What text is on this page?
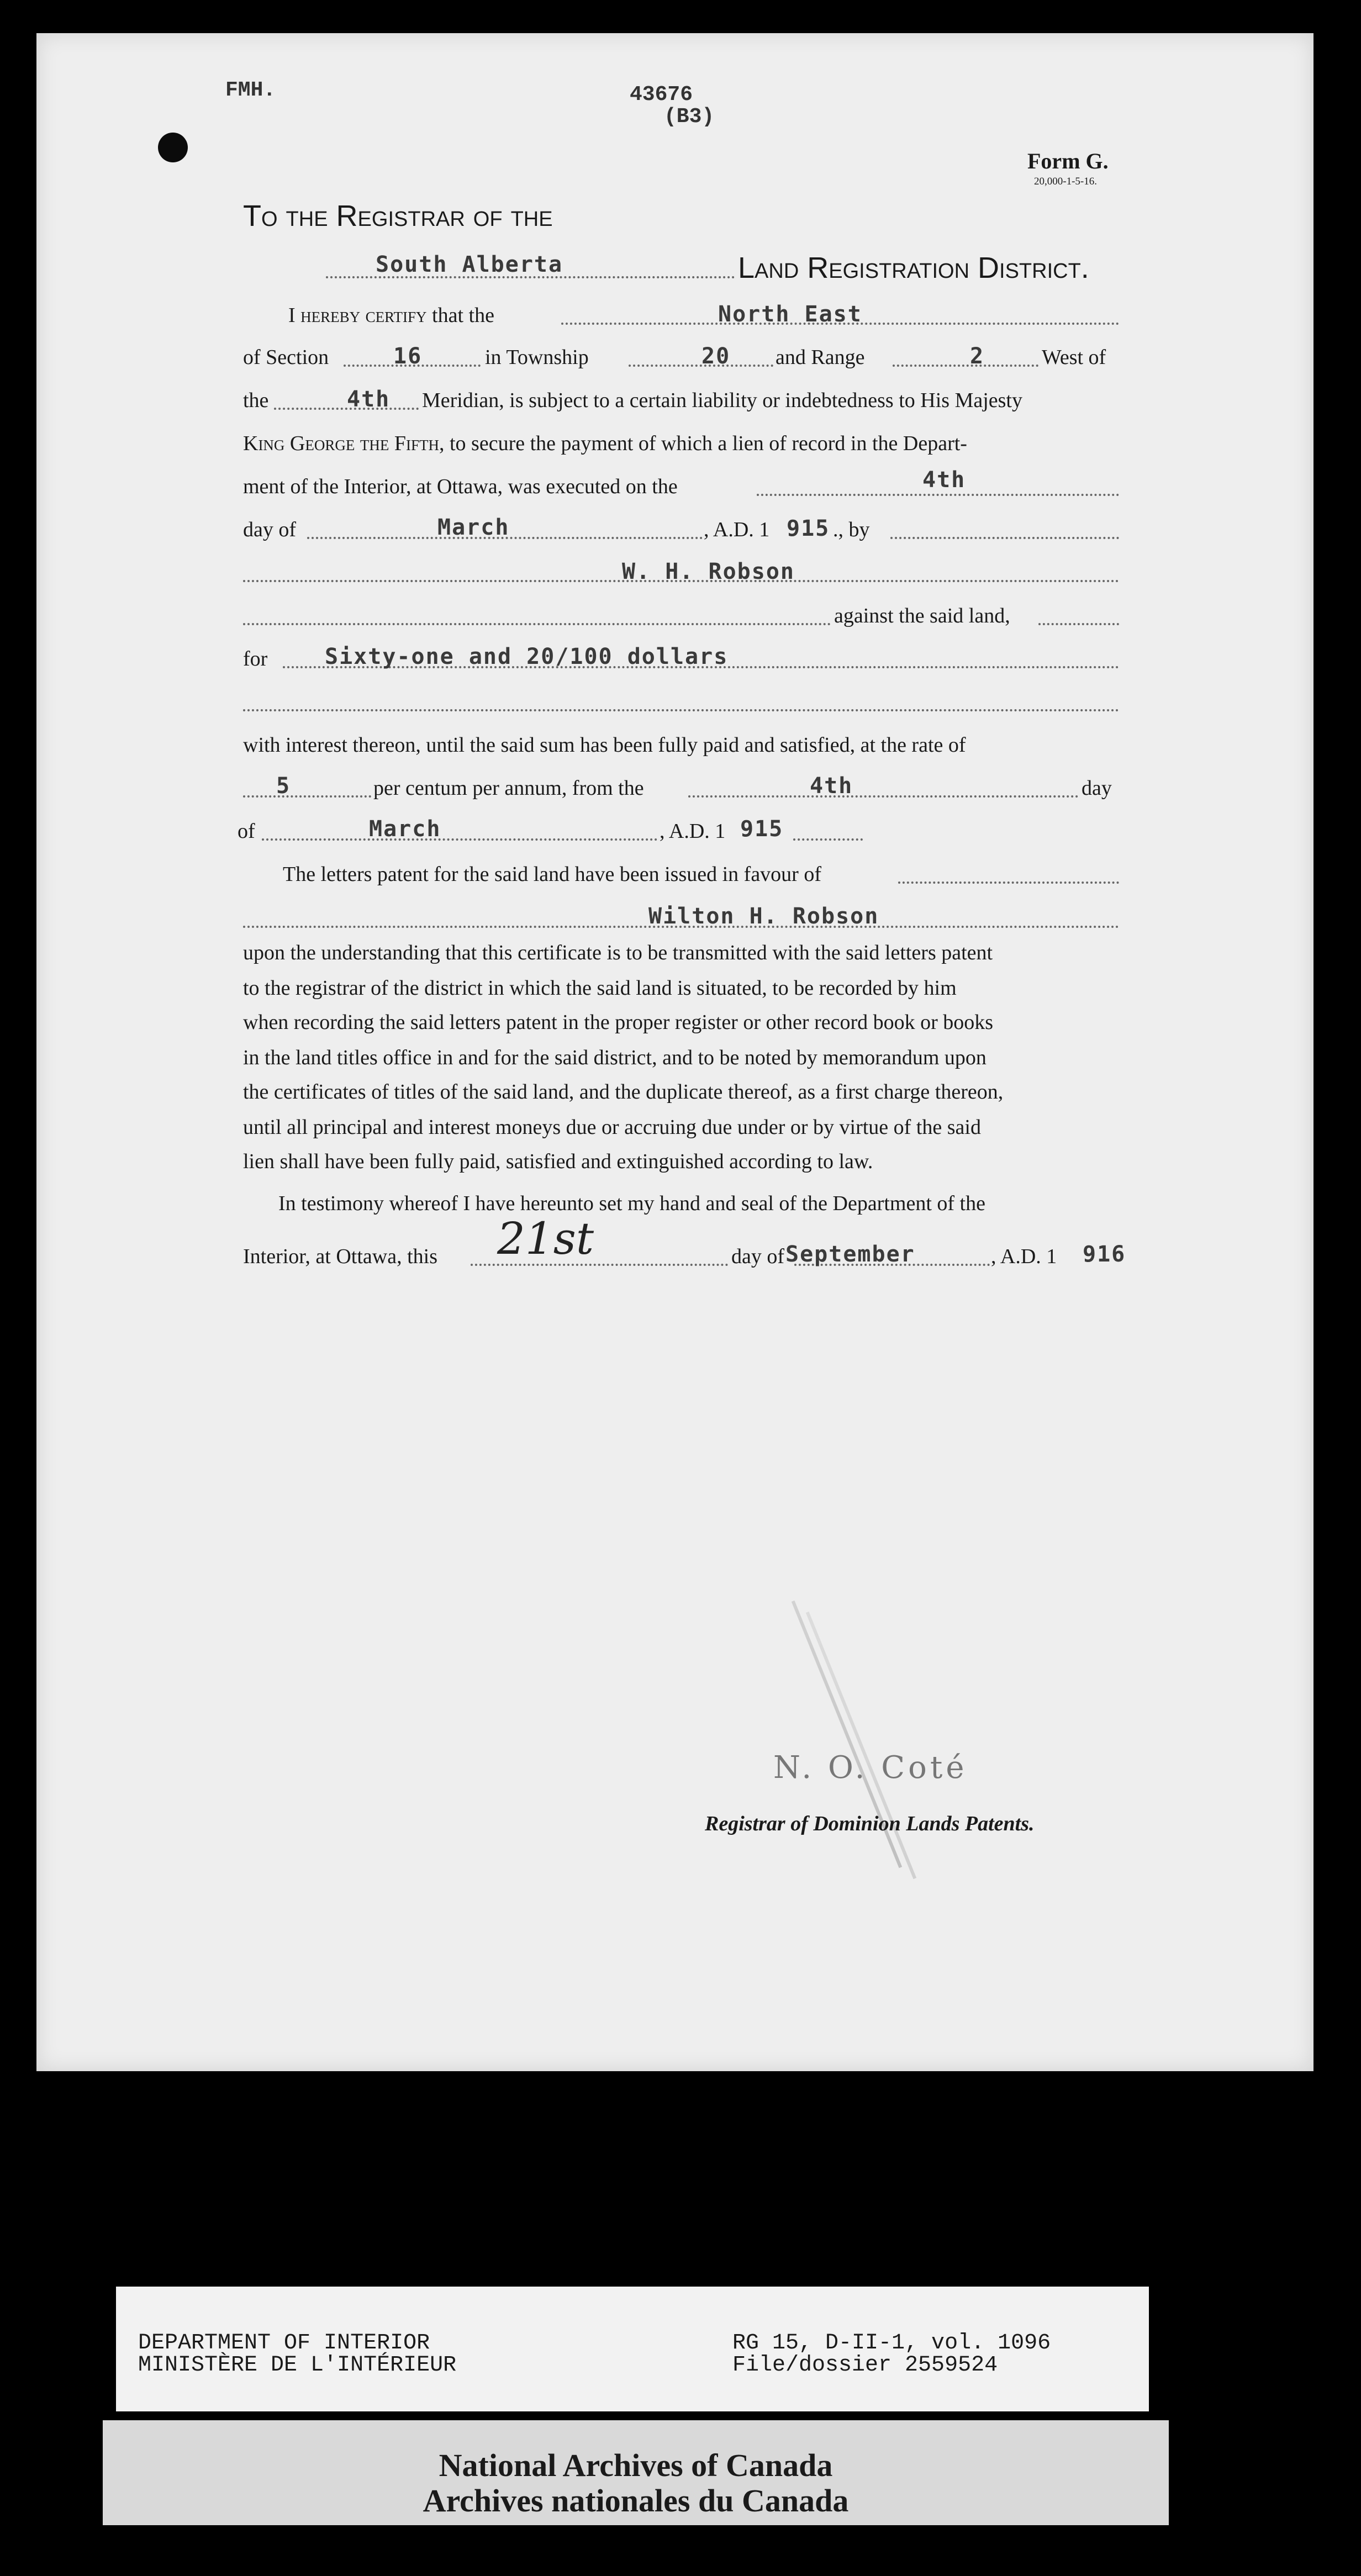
FMH.	43676
(B3)
Form G.
20,000-1-5-16.
To the Registrar of the
South Alberta	Land Registration District.
I hereby certify that the	North East
of Section	16	in Township	20 and Range	2	West of
the	4th Meridian, is subject to a certain liability or indebtedness to His Majesty
King George the Fifth, to secure the payment of which a lien of record in the Depart-
ment of the Interior, at Ottawa, was executed on the	4th
day of	March	, A.D. 1 915 ., by
W. H. Robson
against the said land,
for	Sixty-one and 20/100 dollars
with interest thereon, until the said sum has been fully paid and satisfied, at the rate of
5	per centum per annum, from the	4th	day
of	March	, A.D. 1 915
The letters patent for the said land have been issued in favour of
Wilton H. Robson
upon the understanding that this certificate is to be transmitted with the said letters patent
to the registrar of the district in which the said land is situated, to be recorded by him
when recording the said letters patent in the proper register or other record book or books
in the land titles office in and for the said district, and to be noted by memorandum upon
the certificates of titles of the said land, and the duplicate thereof, as a first charge thereon,
until all principal and interest moneys due or accruing due under or by virtue of the said
lien shall have been fully paid, satisfied and extinguished according to law.
In testimony whereof I have hereunto set my hand and seal of the Department of the
Interior, at Ottawa, this 21st	day of September	, A.D. 1 916
N. O. Coté
Registrar of Dominion Lands Patents.
DEPARTMENT OF INTERIOR
MINISTÈRE DE L'INTÉRIEUR
RG 15, D-II-1, vol. 1096
File/dossier 2559524
National Archives of Canada
Archives nationales du Canada
